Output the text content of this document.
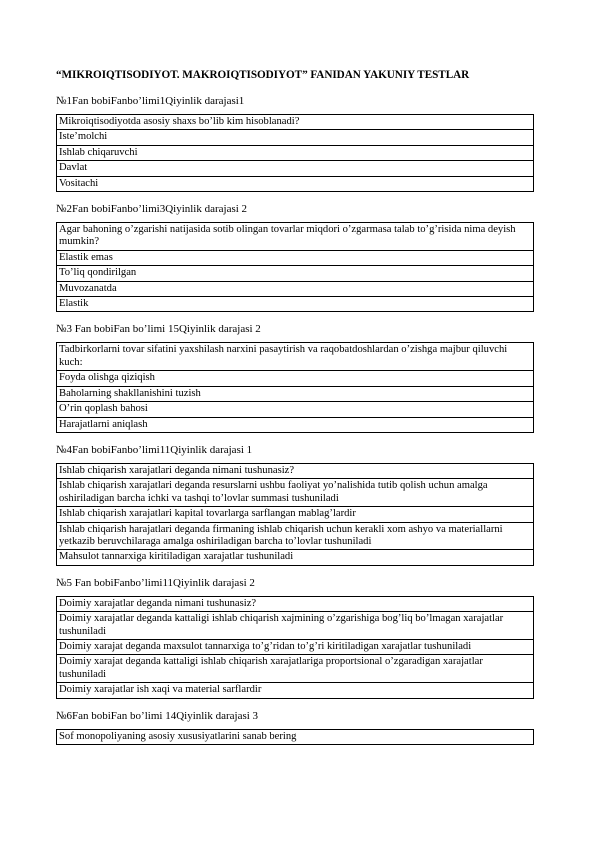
“MIKROIQTISODIYOT. MAKROIQTISODIYOT” FANIDAN YAKUNIY TESTLAR
№1Fan bobiFanbo’limi1Qiyinlik darajasi1
Mikroiqtisodiyotda asosiy shaxs bo’lib kim hisoblanadi?
Iste’molchi
Ishlab chiqaruvchi
Davlat
Vositachi
№2Fan bobiFanbo’limi3Qiyinlik darajasi 2
Agar bahoning o’zgarishi natijasida sotib olingan tovarlar miqdori o’zgarmasa talab to’g’risida nima deyish mumkin?
Elastik emas
To’liq qondirilgan
Muvozanatda
Elastik
№3 Fan bobiFan bo’limi 15Qiyinlik darajasi 2
Tadbirkorlarni tovar sifatini yaxshilash narxini pasaytirish va raqobatdoshlardan o’zishga majbur qiluvchi kuch:
Foyda olishga qiziqish
Baholarning shakllanishini tuzish
O’rin qoplash bahosi
Harajatlarni aniqlash
№4Fan bobiFanbo’limi11Qiyinlik darajasi 1
Ishlab chiqarish xarajatlari deganda nimani tushunasiz?
Ishlab chiqarish xarajatlari deganda resurslarni ushbu faoliyat yo’nalishida tutib qolish uchun amalga oshiriladigan barcha ichki va tashqi to’lovlar summasi tushuniladi
Ishlab chiqarish xarajatlari kapital tovarlarga sarflangan mablag’lardir
Ishlab chiqarish harajatlari deganda firmaning ishlab chiqarish uchun kerakli xom ashyo va materiallarni yetkazib beruvchilaraga amalga oshiriladigan barcha to’lovlar tushuniladi
Mahsulot tannarxiga kiritiladigan xarajatlar tushuniladi
№5 Fan bobiFanbo’limi11Qiyinlik darajasi 2
Doimiy xarajatlar deganda nimani tushunasiz?
Doimiy xarajatlar deganda kattaligi ishlab chiqarish xajmining o’zgarishiga bog’liq bo’lmagan xarajatlar tushuniladi
Doimiy xarajat deganda maxsulot tannarxiga to’g’ridan to’g’ri kiritiladigan xarajatlar tushuniladi
Doimiy xarajat deganda kattaligi ishlab chiqarish xarajatlariga proportsional o’zgaradigan xarajatlar tushuniladi
Doimiy xarajatlar ish xaqi va material sarflardir
№6Fan bobiFan bo’limi 14Qiyinlik darajasi 3
Sof monopoliyaning asosiy xususiyatlarini sanab bering
